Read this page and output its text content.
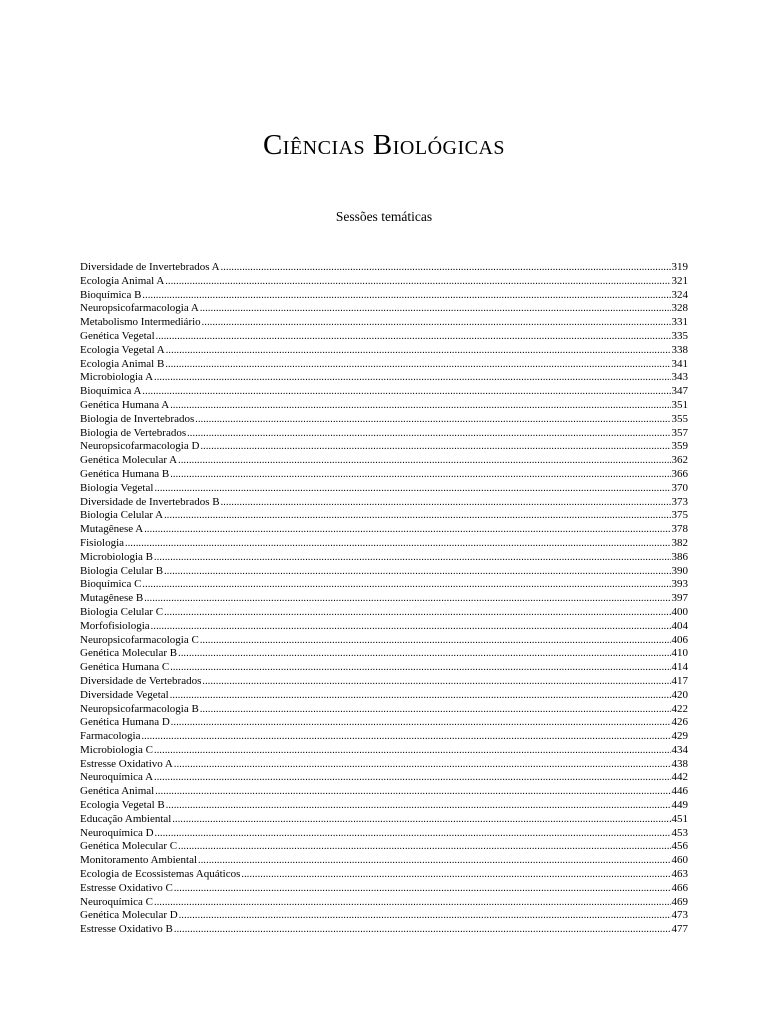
Ciências Biológicas
Sessões temáticas
Diversidade de Invertebrados A .....	319
Ecologia Animal A .....	321
Bioquímica B .....	324
Neuropsicofarmacologia A .....	328
Metabolismo Intermediário .....	331
Genética Vegetal .....	335
Ecologia Vegetal A .....	338
Ecologia Animal B .....	341
Microbiologia A .....	343
Bioquímica A .....	347
Genética Humana A .....	351
Biologia de Invertebrados .....	355
Biologia de Vertebrados .....	357
Neuropsicofarmacologia D .....	359
Genética Molecular A .....	362
Genética Humana B .....	366
Biologia Vegetal .....	370
Diversidade de Invertebrados B .....	373
Biologia Celular A .....	375
Mutagênese A .....	378
Fisiologia .....	382
Microbiologia B .....	386
Biologia Celular B .....	390
Bioquímica C .....	393
Mutagênese B .....	397
Biologia Celular C .....	400
Morfofisiologia .....	404
Neuropsicofarmacologia C .....	406
Genética Molecular B .....	410
Genética Humana C .....	414
Diversidade de Vertebrados .....	417
Diversidade Vegetal .....	420
Neuropsicofarmacologia B .....	422
Genética Humana D .....	426
Farmacologia .....	429
Microbiologia C .....	434
Estresse Oxidativo A .....	438
Neuroquímica A .....	442
Genética Animal .....	446
Ecologia Vegetal B .....	449
Educação Ambiental .....	451
Neuroquímica D .....	453
Genética Molecular C .....	456
Monitoramento Ambiental .....	460
Ecologia de Ecossistemas Aquáticos .....	463
Estresse Oxidativo C .....	466
Neuroquímica C .....	469
Genética Molecular D .....	473
Estresse Oxidativo B .....	477
